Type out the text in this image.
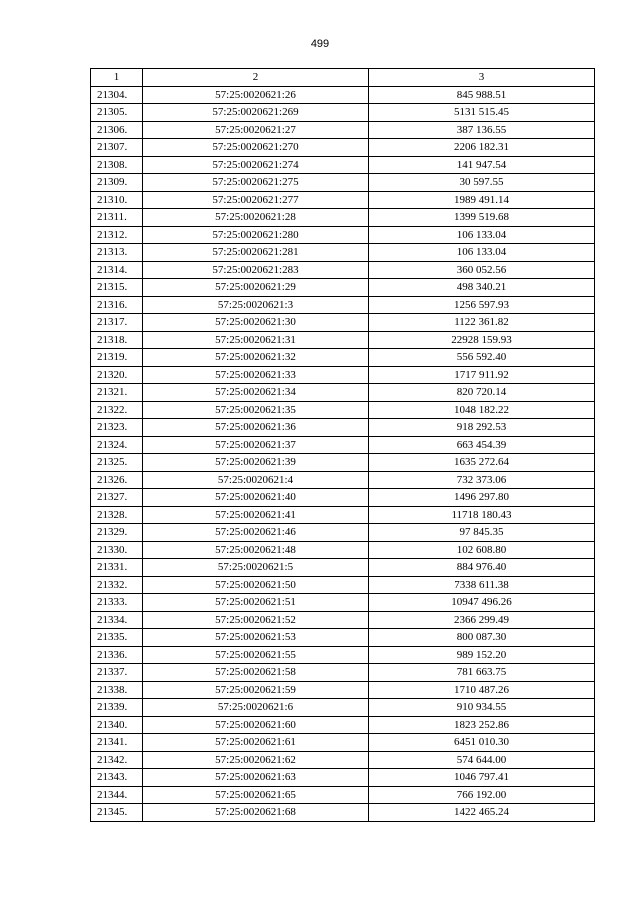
499
1	2	3
21304.	57:25:0020621:26	845 988.51
21305.	57:25:0020621:269	5131 515.45
21306.	57:25:0020621:27	387 136.55
21307.	57:25:0020621:270	2206 182.31
21308.	57:25:0020621:274	141 947.54
21309.	57:25:0020621:275	30 597.55
21310.	57:25:0020621:277	1989 491.14
21311.	57:25:0020621:28	1399 519.68
21312.	57:25:0020621:280	106 133.04
21313.	57:25:0020621:281	106 133.04
21314.	57:25:0020621:283	360 052.56
21315.	57:25:0020621:29	498 340.21
21316.	57:25:0020621:3	1256 597.93
21317.	57:25:0020621:30	1122 361.82
21318.	57:25:0020621:31	22928 159.93
21319.	57:25:0020621:32	556 592.40
21320.	57:25:0020621:33	1717 911.92
21321.	57:25:0020621:34	820 720.14
21322.	57:25:0020621:35	1048 182.22
21323.	57:25:0020621:36	918 292.53
21324.	57:25:0020621:37	663 454.39
21325.	57:25:0020621:39	1635 272.64
21326.	57:25:0020621:4	732 373.06
21327.	57:25:0020621:40	1496 297.80
21328.	57:25:0020621:41	11718 180.43
21329.	57:25:0020621:46	97 845.35
21330.	57:25:0020621:48	102 608.80
21331.	57:25:0020621:5	884 976.40
21332.	57:25:0020621:50	7338 611.38
21333.	57:25:0020621:51	10947 496.26
21334.	57:25:0020621:52	2366 299.49
21335.	57:25:0020621:53	800 087.30
21336.	57:25:0020621:55	989 152.20
21337.	57:25:0020621:58	781 663.75
21338.	57:25:0020621:59	1710 487.26
21339.	57:25:0020621:6	910 934.55
21340.	57:25:0020621:60	1823 252.86
21341.	57:25:0020621:61	6451 010.30
21342.	57:25:0020621:62	574 644.00
21343.	57:25:0020621:63	1046 797.41
21344.	57:25:0020621:65	766 192.00
21345.	57:25:0020621:68	1422 465.24
